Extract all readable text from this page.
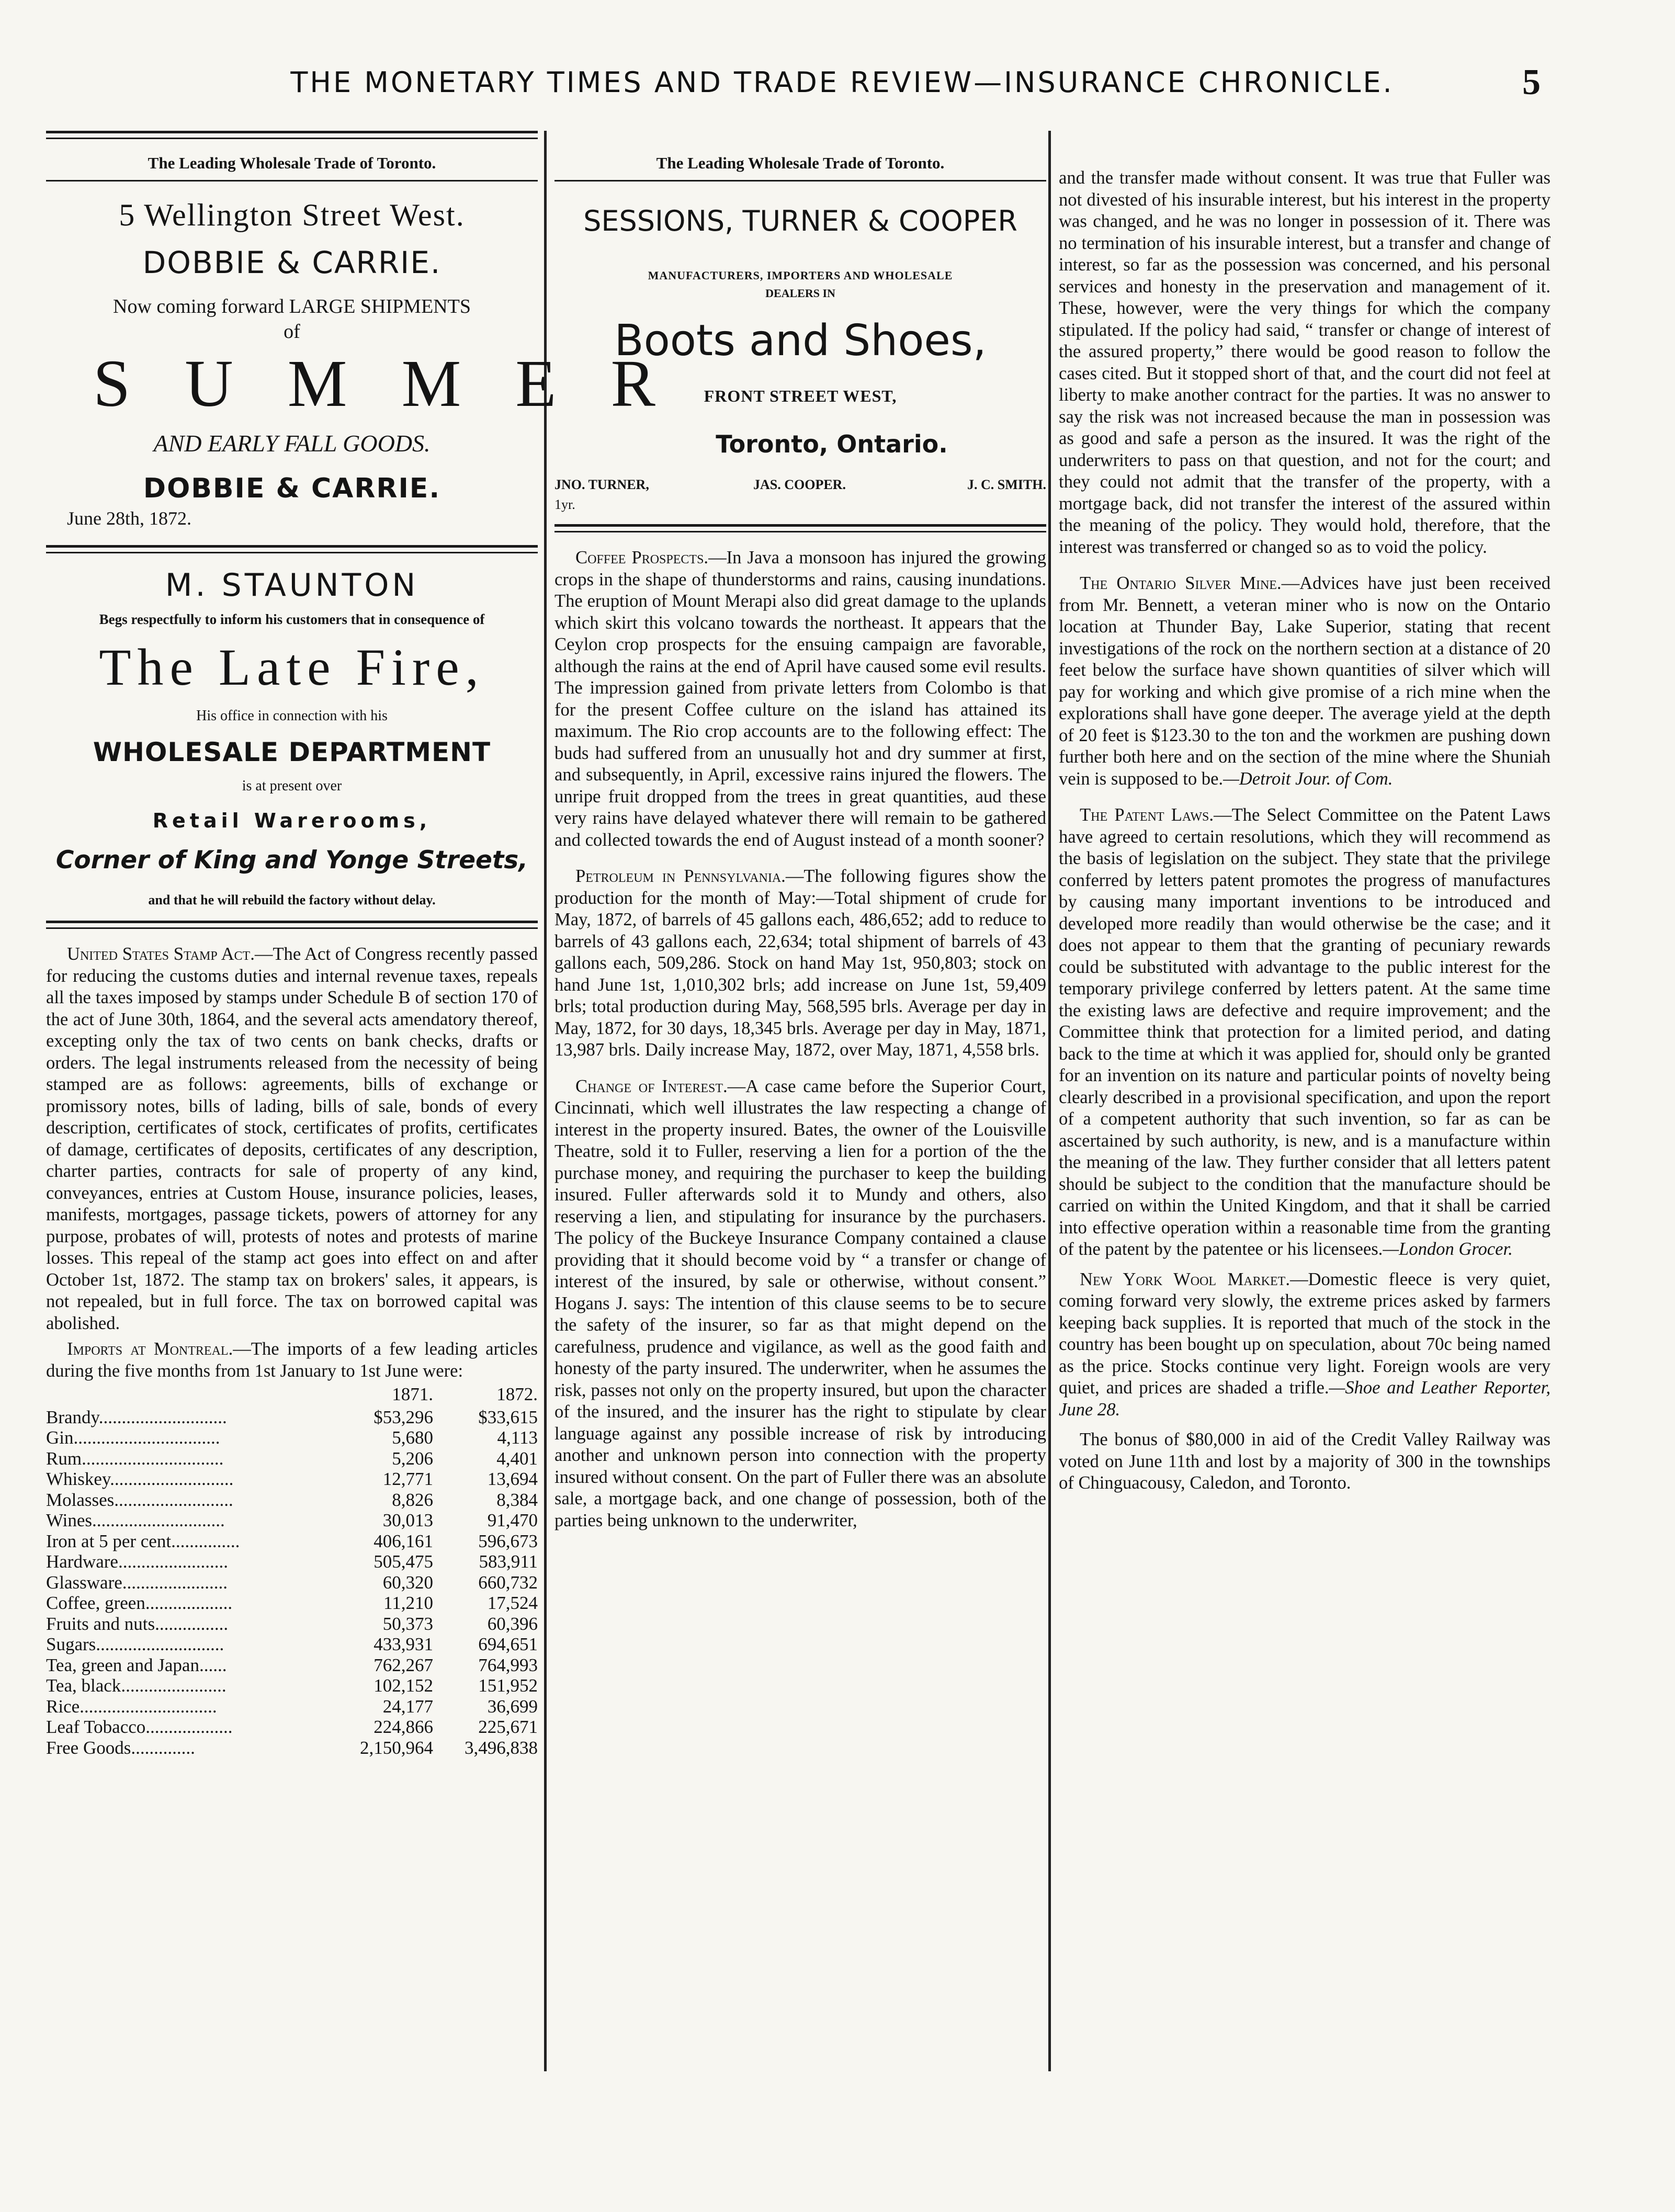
THE MONETARY TIMES AND TRADE REVIEW—INSURANCE CHRONICLE.	5
The Leading Wholesale Trade of Toronto.
5 Wellington Street West.
DOBBIE & CARRIE.
Now coming forward LARGE SHIPMENTS
of
SUMMER
AND EARLY FALL GOODS.
DOBBIE & CARRIE.
June 28th, 1872.
M. STAUNTON
Begs respectfully to inform his customers that in consequence of
The Late Fire,
His office in connection with his
WHOLESALE DEPARTMENT
is at present over
Retail Warerooms,
Corner of King and Yonge Streets,
and that he will rebuild the factory without delay.

United States Stamp Act.—The Act of Congress recently passed for reducing the customs duties and internal revenue taxes, repeals all the taxes imposed by stamps under Schedule B of section 170 of the act of June 30th, 1864, and the several acts amendatory thereof, excepting only the tax of two cents on bank checks, drafts or orders. The legal instruments released from the necessity of being stamped are as follows: agreements, bills of exchange or promissory notes, bills of lading, bills of sale, bonds of every description, certificates of stock, certificates of profits, certificates of damage, certificates of deposits, certificates of any description, charter parties, contracts for sale of property of any kind, conveyances, entries at Custom House, insurance policies, leases, manifests, mortgages, passage tickets, powers of attorney for any purpose, probates of will, protests of notes and protests of marine losses. This repeal of the stamp act goes into effect on and after October 1st, 1872. The stamp tax on brokers' sales, it appears, is not repealed, but in full force. The tax on borrowed capital was abolished.

Imports at Montreal.—The imports of a few leading articles during the five months from 1st January to 1st June were:

	1871.	1872.
Brandy............................	$53,296	$33,615
Gin................................	5,680	4,113
Rum...............................	5,206	4,401
Whiskey...........................	12,771	13,694
Molasses..........................	8,826	8,384
Wines.............................	30,013	91,470
Iron at 5 per cent...............	406,161	596,673
Hardware........................	505,475	583,911
Glassware.......................	60,320	660,732
Coffee, green...................	11,210	17,524
Fruits and nuts................	50,373	60,396
Sugars............................	433,931	694,651
Tea, green and Japan......	762,267	764,993
Tea, black.......................	102,152	151,952
Rice..............................	24,177	36,699
Leaf Tobacco...................	224,866	225,671
Free Goods..............	2,150,964	3,496,838
The Leading Wholesale Trade of Toronto.
SESSIONS, TURNER & COOPER
MANUFACTURERS, IMPORTERS AND WHOLESALE
DEALERS IN
Boots and Shoes,
FRONT STREET WEST,
Toronto, Ontario.
JNO. TURNER,	JAS. COOPER.	J. C. SMITH.
1yr.

Coffee Prospects.—In Java a monsoon has injured the growing crops in the shape of thunderstorms and rains, causing inundations. The eruption of Mount Merapi also did great damage to the uplands which skirt this volcano towards the northeast. It appears that the Ceylon crop prospects for the ensuing campaign are favorable, although the rains at the end of April have caused some evil results. The impression gained from private letters from Colombo is that for the present Coffee culture on the island has attained its maximum. The Rio crop accounts are to the following effect: The buds had suffered from an unusually hot and dry summer at first, and subsequently, in April, excessive rains injured the flowers. The unripe fruit dropped from the trees in great quantities, aud these very rains have delayed whatever there will remain to be gathered and collected towards the end of August instead of a month sooner?

Petroleum in Pennsylvania.—The following figures show the production for the month of May:—Total shipment of crude for May, 1872, of barrels of 45 gallons each, 486,652; add to reduce to barrels of 43 gallons each, 22,634; total shipment of barrels of 43 gallons each, 509,286. Stock on hand May 1st, 950,803; stock on hand June 1st, 1,010,302 brls; add increase on June 1st, 59,409 brls; total production during May, 568,595 brls. Average per day in May, 1872, for 30 days, 18,345 brls. Average per day in May, 1871, 13,987 brls. Daily increase May, 1872, over May, 1871, 4,558 brls.

Change of Interest.—A case came before the Superior Court, Cincinnati, which well illustrates the law respecting a change of interest in the property insured. Bates, the owner of the Louisville Theatre, sold it to Fuller, reserving a lien for a portion of the the purchase money, and requiring the purchaser to keep the building insured. Fuller afterwards sold it to Mundy and others, also reserving a lien, and stipulating for insurance by the purchasers. The policy of the Buckeye Insurance Company contained a clause providing that it should become void by “ a transfer or change of interest of the insured, by sale or otherwise, without consent.” Hogans J. says: The intention of this clause seems to be to secure the safety of the insurer, so far as that might depend on the carefulness, prudence and vigilance, as well as the good faith and honesty of the party insured. The underwriter, when he assumes the risk, passes not only on the property insured, but upon the character of the insured, and the insurer has the right to stipulate by clear language against any possible increase of risk by introducing another and unknown person into connection with the property insured without consent. On the part of Fuller there was an absolute sale, a mortgage back, and one change of possession, both of the parties being unknown to the underwriter,

and the transfer made without consent. It was true that Fuller was not divested of his insurable interest, but his interest in the property was changed, and he was no longer in possession of it. There was no termination of his insurable interest, but a transfer and change of interest, so far as the possession was concerned, and his personal services and honesty in the preservation and management of it. These, however, were the very things for which the company stipulated. If the policy had said, “ transfer or change of interest of the assured property,” there would be good reason to follow the cases cited. But it stopped short of that, and the court did not feel at liberty to make another contract for the parties. It was no answer to say the risk was not increased because the man in possession was as good and safe a person as the insured. It was the right of the underwriters to pass on that question, and not for the court; and they could not admit that the transfer of the property, with a mortgage back, did not transfer the interest of the assured within the meaning of the policy. They would hold, therefore, that the interest was transferred or changed so as to void the policy.

The Ontario Silver Mine.—Advices have just been received from Mr. Bennett, a veteran miner who is now on the Ontario location at Thunder Bay, Lake Superior, stating that recent investigations of the rock on the northern section at a distance of 20 feet below the surface have shown quantities of silver which will pay for working and which give promise of a rich mine when the explorations shall have gone deeper. The average yield at the depth of 20 feet is $123.30 to the ton and the workmen are pushing down further both here and on the section of the mine where the Shuniah vein is supposed to be.—Detroit Jour. of Com.

The Patent Laws.—The Select Committee on the Patent Laws have agreed to certain resolutions, which they will recommend as the basis of legislation on the subject. They state that the privilege conferred by letters patent promotes the progress of manufactures by causing many important inventions to be introduced and developed more readily than would otherwise be the case; and it does not appear to them that the granting of pecuniary rewards could be substituted with advantage to the public interest for the temporary privilege conferred by letters patent. At the same time the existing laws are defective and require improvement; and the Committee think that protection for a limited period, and dating back to the time at which it was applied for, should only be granted for an invention on its nature and particular points of novelty being clearly described in a provisional specification, and upon the report of a competent authority that such invention, so far as can be ascertained by such authority, is new, and is a manufacture within the meaning of the law. They further consider that all letters patent should be subject to the condition that the manufacture should be carried on within the United Kingdom, and that it shall be carried into effective operation within a reasonable time from the granting of the patent by the patentee or his licensees.—London Grocer.

New York Wool Market.—Domestic fleece is very quiet, coming forward very slowly, the extreme prices asked by farmers keeping back supplies. It is reported that much of the stock in the country has been bought up on speculation, about 70c being named as the price. Stocks continue very light. Foreign wools are very quiet, and prices are shaded a trifle.—Shoe and Leather Reporter, June 28.

The bonus of $80,000 in aid of the Credit Valley Railway was voted on June 11th and lost by a majority of 300 in the townships of Chinguacousy, Caledon, and Toronto.
